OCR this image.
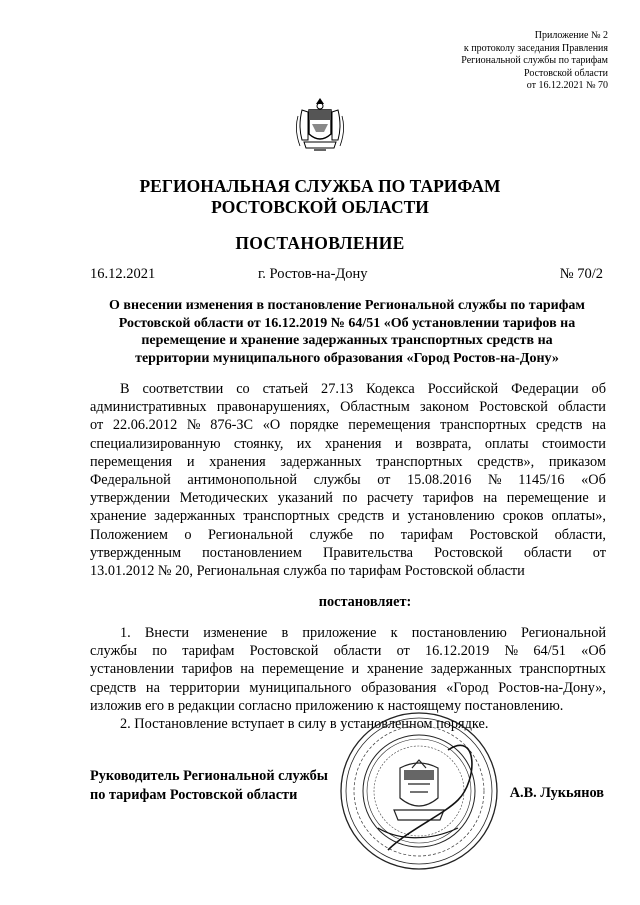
Приложение № 2
к протоколу заседания Правления
Региональной службы по тарифам
Ростовской области
от 16.12.2021 № 70
РЕГИОНАЛЬНАЯ СЛУЖБА ПО ТАРИФАМ
РОСТОВСКОЙ ОБЛАСТИ
ПОСТАНОВЛЕНИЕ
16.12.2021	г. Ростов-на-Дону	№ 70/2
О внесении изменения в постановление Региональной службы по тарифам
Ростовской области от 16.12.2019 № 64/51 «Об установлении тарифов на
перемещение и хранение задержанных транспортных средств на
территории муниципального образования «Город Ростов-на-Дону»
В соответствии со статьей 27.13 Кодекса Российской Федерации об
административных правонарушениях, Областным законом Ростовской области
от 22.06.2012 № 876-ЗС «О порядке перемещения транспортных средств на
специализированную стоянку, их хранения и возврата, оплаты стоимости
перемещения и хранения задержанных транспортных средств», приказом
Федеральной антимонопольной службы от 15.08.2016 № 1145/16 «Об
утверждении Методических указаний по расчету тарифов на перемещение и
хранение задержанных транспортных средств и установлению сроков оплаты»,
Положением о Региональной службе по тарифам Ростовской области,
утвержденным постановлением Правительства Ростовской области от
13.01.2012 № 20, Региональная служба по тарифам Ростовской области
постановляет:
1. Внести изменение в приложение к постановлению Региональной
службы по тарифам Ростовской области от 16.12.2019 № 64/51 «Об
установлении тарифов на перемещение и хранение задержанных транспортных
средств на территории муниципального образования «Город Ростов-на-Дону»,
изложив его в редакции согласно приложению к настоящему постановлению.
2. Постановление вступает в силу в установленном порядке.
Руководитель Региональной службы
по тарифам Ростовской области	А.В. Лукьянов
